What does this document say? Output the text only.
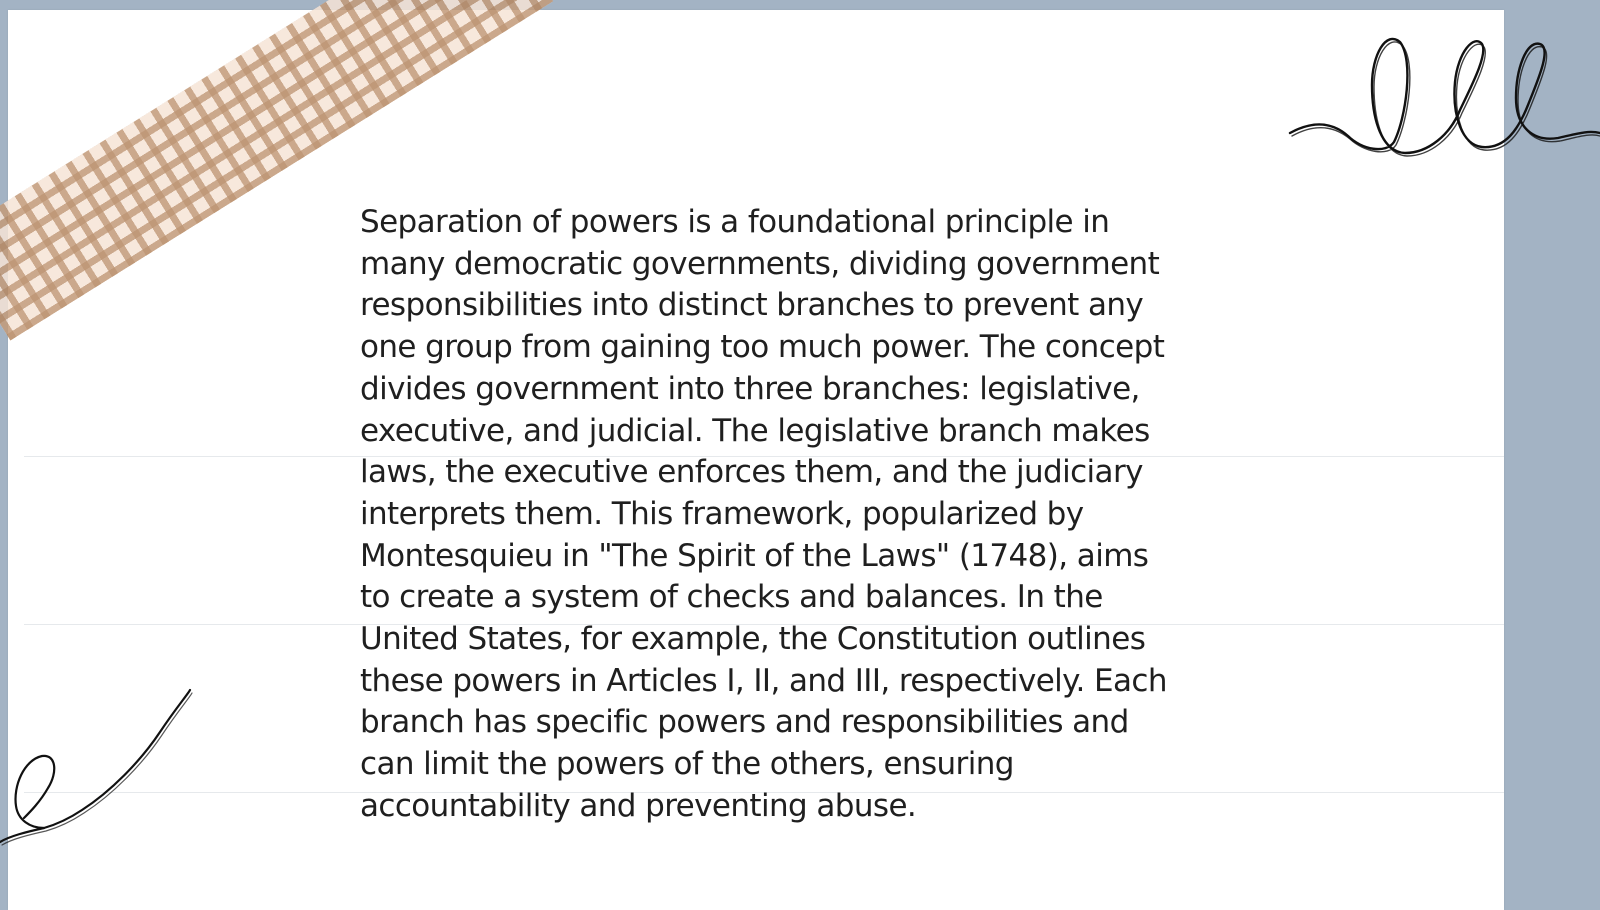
Separation of powers is a foundational principle in
many democratic governments, dividing government
responsibilities into distinct branches to prevent any
one group from gaining too much power. The concept
divides government into three branches: legislative,
executive, and judicial. The legislative branch makes
laws, the executive enforces them, and the judiciary
interprets them. This framework, popularized by
Montesquieu in "The Spirit of the Laws" (1748), aims
to create a system of checks and balances. In the
United States, for example, the Constitution outlines
these powers in Articles I, II, and III, respectively. Each
branch has specific powers and responsibilities and
can limit the powers of the others, ensuring
accountability and preventing abuse.
